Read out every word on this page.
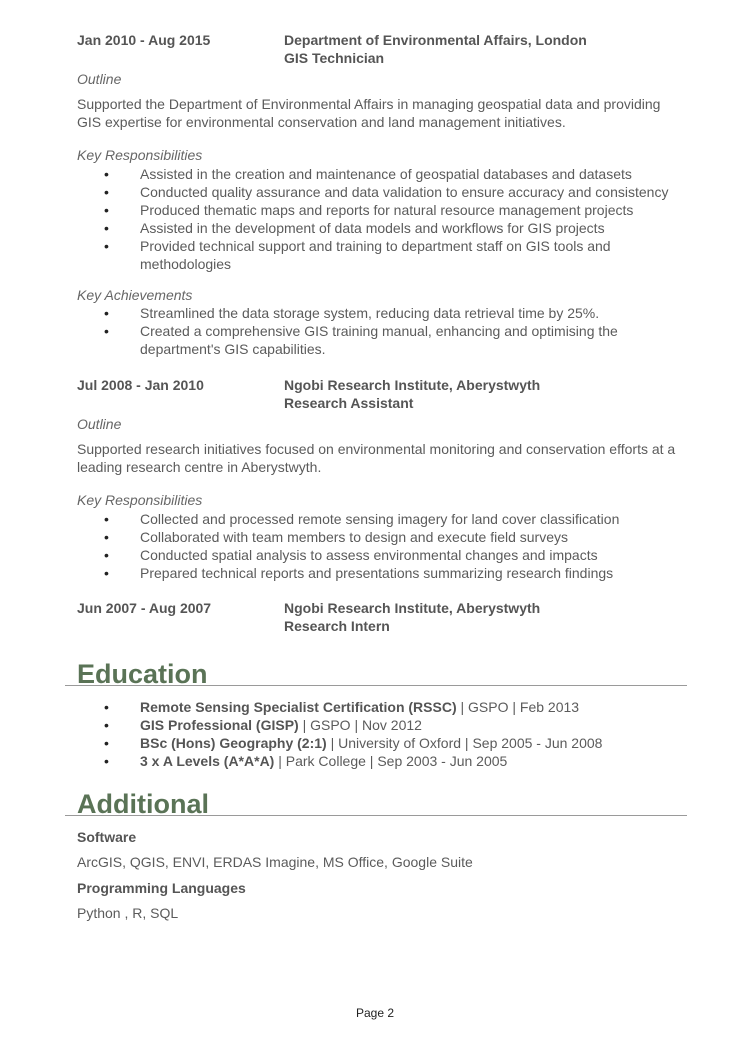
Jan 2010 - Aug 2015	Department of Environmental Affairs, London
GIS Technician
Outline
Supported the Department of Environmental Affairs in managing geospatial data and providing GIS expertise for environmental conservation and land management initiatives.
Key Responsibilities
• Assisted in the creation and maintenance of geospatial databases and datasets
• Conducted quality assurance and data validation to ensure accuracy and consistency
• Produced thematic maps and reports for natural resource management projects
• Assisted in the development of data models and workflows for GIS projects
• Provided technical support and training to department staff on GIS tools and methodologies
Key Achievements
• Streamlined the data storage system, reducing data retrieval time by 25%.
• Created a comprehensive GIS training manual, enhancing and optimising the department's GIS capabilities.
Jul 2008 - Jan 2010	Ngobi Research Institute, Aberystwyth
Research Assistant
Outline
Supported research initiatives focused on environmental monitoring and conservation efforts at a leading research centre in Aberystwyth.
Key Responsibilities
• Collected and processed remote sensing imagery for land cover classification
• Collaborated with team members to design and execute field surveys
• Conducted spatial analysis to assess environmental changes and impacts
• Prepared technical reports and presentations summarizing research findings
Jun 2007 - Aug 2007	Ngobi Research Institute, Aberystwyth
Research Intern
Education
• Remote Sensing Specialist Certification (RSSC) | GSPO | Feb 2013
• GIS Professional (GISP) | GSPO | Nov 2012
• BSc (Hons) Geography (2:1) | University of Oxford | Sep 2005 - Jun 2008
• 3 x A Levels (A*A*A) | Park College | Sep 2003 - Jun 2005
Additional
Software
ArcGIS, QGIS, ENVI, ERDAS Imagine, MS Office, Google Suite
Programming Languages
Python , R, SQL
Page 2
